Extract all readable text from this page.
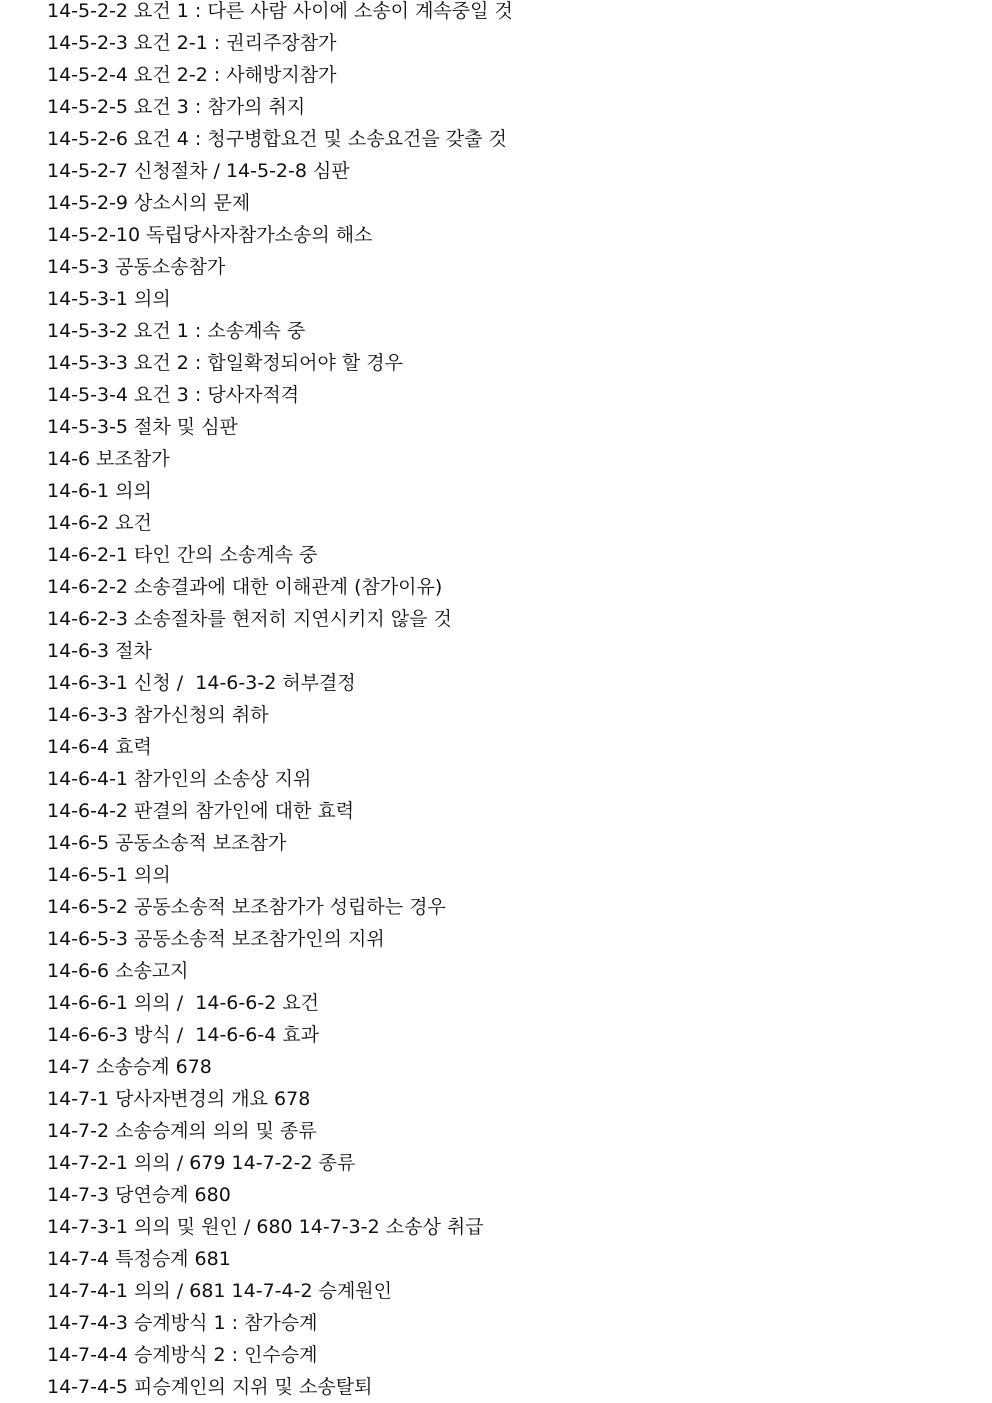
14-5-2-2 요건 1 : 다른 사람 사이에 소송이 계속중일 것
14-5-2-3 요건 2-1 : 권리주장참가
14-5-2-4 요건 2-2 : 사해방지참가
14-5-2-5 요건 3 : 참가의 취지
14-5-2-6 요건 4 : 청구병합요건 및 소송요건을 갖출 것
14-5-2-7 신청절차 / 14-5-2-8 심판
14-5-2-9 상소시의 문제
14-5-2-10 독립당사자참가소송의 해소
14-5-3 공동소송참가
14-5-3-1 의의
14-5-3-2 요건 1 : 소송계속 중
14-5-3-3 요건 2 : 합일확정되어야 할 경우
14-5-3-4 요건 3 : 당사자적격
14-5-3-5 절차 및 심판
14-6 보조참가
14-6-1 의의
14-6-2 요건
14-6-2-1 타인 간의 소송계속 중
14-6-2-2 소송결과에 대한 이해관계 (참가이유)
14-6-2-3 소송절차를 현저히 지연시키지 않을 것
14-6-3 절차
14-6-3-1 신청 /  14-6-3-2 허부결정
14-6-3-3 참가신청의 취하
14-6-4 효력
14-6-4-1 참가인의 소송상 지위
14-6-4-2 판결의 참가인에 대한 효력
14-6-5 공동소송적 보조참가
14-6-5-1 의의
14-6-5-2 공동소송적 보조참가가 성립하는 경우
14-6-5-3 공동소송적 보조참가인의 지위
14-6-6 소송고지
14-6-6-1 의의 /  14-6-6-2 요건
14-6-6-3 방식 /  14-6-6-4 효과
14-7 소송승계 678
14-7-1 당사자변경의 개요 678
14-7-2 소송승계의 의의 및 종류
14-7-2-1 의의 / 679 14-7-2-2 종류
14-7-3 당연승계 680
14-7-3-1 의의 및 원인 / 680 14-7-3-2 소송상 취급
14-7-4 특정승계 681
14-7-4-1 의의 / 681 14-7-4-2 승계원인
14-7-4-3 승계방식 1 : 참가승계
14-7-4-4 승계방식 2 : 인수승계
14-7-4-5 피승계인의 지위 및 소송탈퇴
